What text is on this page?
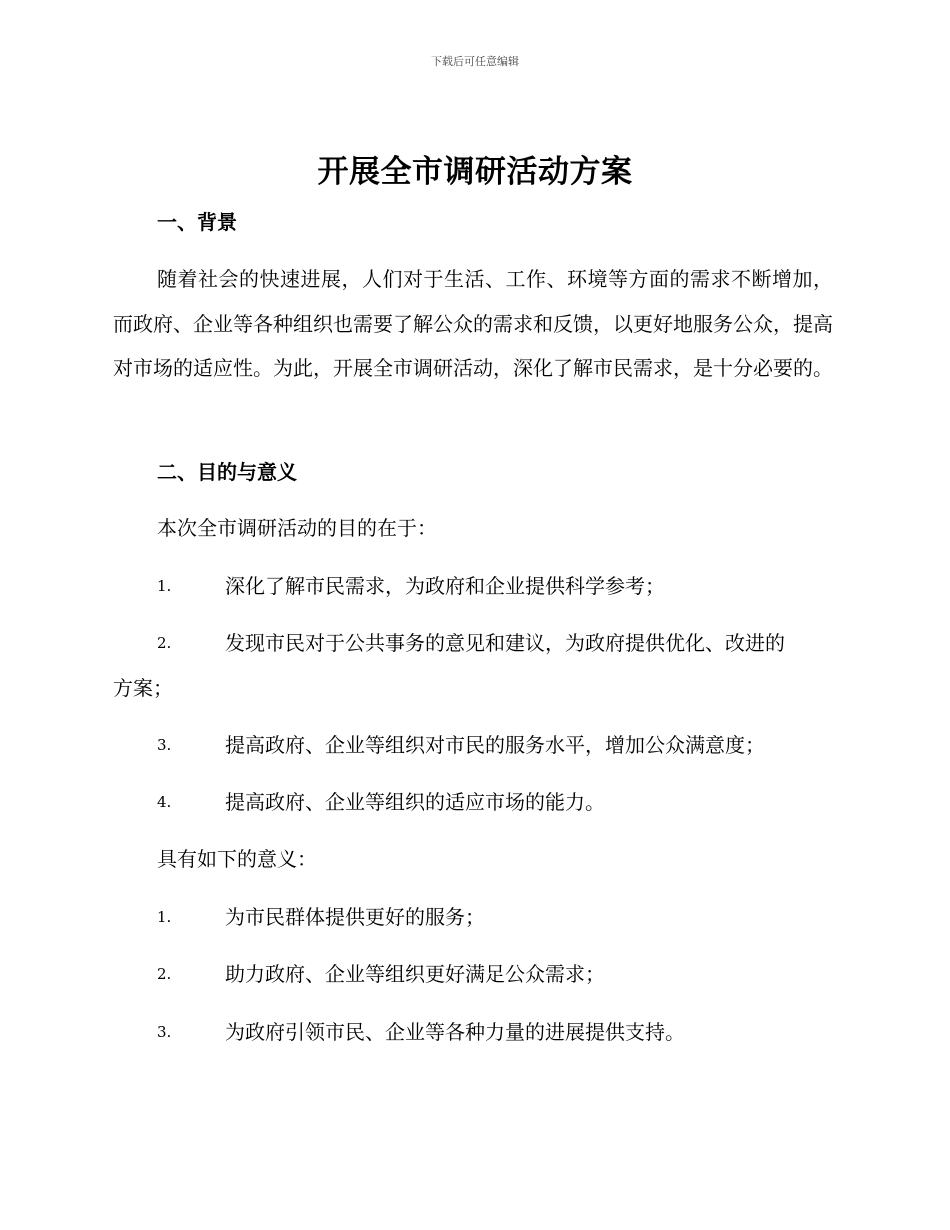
下载后可任意编辑
开展全市调研活动方案
一、背景

随着社会的快速进展，人们对于生活、工作、环境等方面的需求不断增加，而政府、企业等各种组织也需要了解公众的需求和反馈，以更好地服务公众，提高对市场的适应性。为此，开展全市调研活动，深化了解市民需求，是十分必要的。

二、目的与意义
本次全市调研活动的目的在于：
1.	深化了解市民需求，为政府和企业提供科学参考；
2.	发现市民对于公共事务的意见和建议，为政府提供优化、改进的
方案；
3.	提高政府、企业等组织对市民的服务水平，增加公众满意度；
4.	提高政府、企业等组织的适应市场的能力。
具有如下的意义：
1.	为市民群体提供更好的服务；
2.	助力政府、企业等组织更好满足公众需求；
3.	为政府引领市民、企业等各种力量的进展提供支持。
